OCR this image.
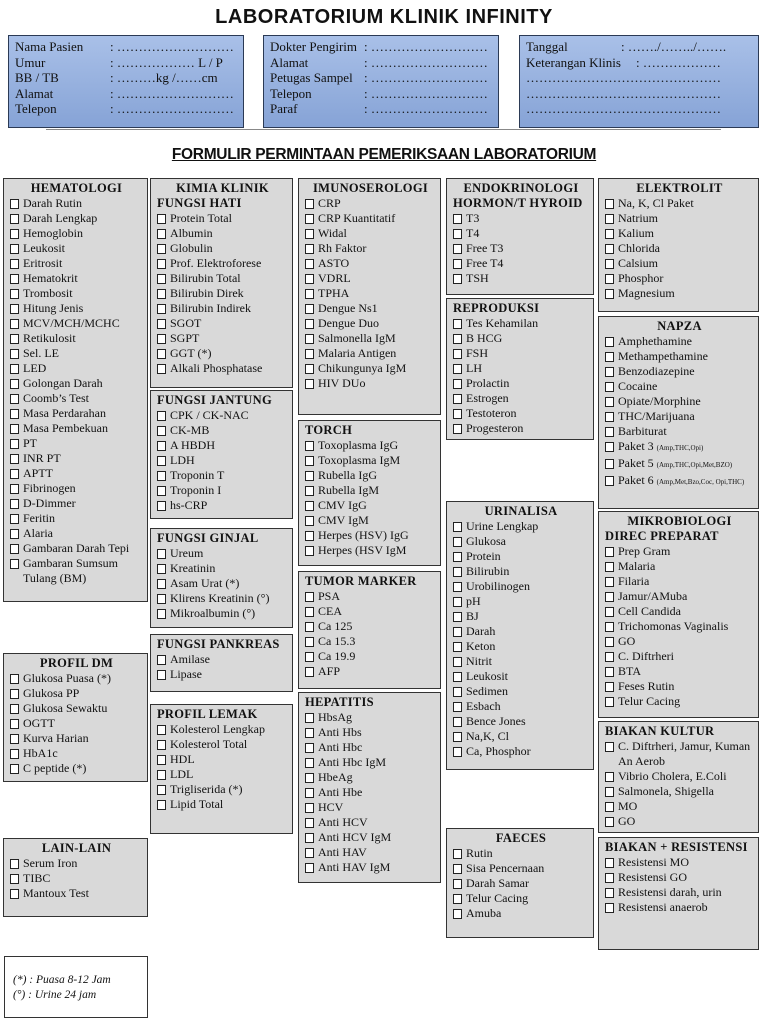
LABORATORIUM KLINIK INFINITY
Nama Pasien	: ………………………
Umur	: ……………… L / P
BB / TB	: ………kg /……cm
Alamat	: ………………………
Telepon	: ………………………
Dokter Pengirim : ………………………
Alamat	: ………………………
Petugas Sampel : ………………………
Telepon	: ………………………
Paraf	: ………………………
Tanggal	: ……./……../…….
Keterangan Klinis	: ………………
………………………………………
………………………………………
………………………………………
FORMULIR PERMINTAAN PEMERIKSAAN LABORATORIUM
HEMATOLOGI
Darah Rutin
Darah Lengkap
Hemoglobin
Leukosit
Eritrosit
Hematokrit
Trombosit
Hitung Jenis
MCV/MCH/MCHC
Retikulosit
Sel. LE
LED
Golongan Darah
Coomb’s Test
Masa Perdarahan
Masa Pembekuan
PT
INR PT
APTT
Fibrinogen
D-Dimmer
Feritin
Alaria
Gambaran Darah Tepi
Gambaran Sumsum Tulang (BM)
PROFIL DM
Glukosa Puasa (*)
Glukosa PP
Glukosa Sewaktu
OGTT
Kurva Harian
HbA1c
C peptide (*)
LAIN-LAIN
Serum Iron
TIBC
Mantoux Test
KIMIA KLINIK
FUNGSI HATI
Protein Total
Albumin
Globulin
Prof. Elektroforese
Bilirubin Total
Bilirubin Direk
Bilirubin Indirek
SGOT
SGPT
GGT (*)
Alkali Phosphatase
FUNGSI JANTUNG
CPK / CK-NAC
CK-MB
A HBDH
LDH
Troponin T
Troponin I
hs-CRP
FUNGSI GINJAL
Ureum
Kreatinin
Asam Urat (*)
Klirens Kreatinin (°)
Mikroalbumin (°)
FUNGSI PANKREAS
Amilase
Lipase
PROFIL LEMAK
Kolesterol Lengkap
Kolesterol Total
HDL
LDL
Trigliserida (*)
Lipid Total
IMUNOSEROLOGI
CRP
CRP Kuantitatif
Widal
Rh Faktor
ASTO
VDRL
TPHA
Dengue Ns1
Dengue Duo
Salmonella IgM
Malaria Antigen
Chikungunya IgM
HIV DUo
TORCH
Toxoplasma IgG
Toxoplasma IgM
Rubella IgG
Rubella IgM
CMV IgG
CMV IgM
Herpes (HSV) IgG
Herpes (HSV IgM
TUMOR MARKER
PSA
CEA
Ca 125
Ca 15.3
Ca 19.9
AFP
HEPATITIS
HbsAg
Anti Hbs
Anti Hbc
Anti Hbc IgM
HbeAg
Anti Hbe
HCV
Anti HCV
Anti HCV IgM
Anti HAV
Anti HAV IgM
ENDOKRINOLOGI
HORMON/T HYROID
T3
T4
Free T3
Free T4
TSH
REPRODUKSI
Tes Kehamilan
B HCG
FSH
LH
Prolactin
Estrogen
Testoteron
Progesteron
URINALISA
Urine Lengkap
Glukosa
Protein
Bilirubin
Urobilinogen
pH
BJ
Darah
Keton
Nitrit
Leukosit
Sedimen
Esbach
Bence Jones
Na,K, Cl
Ca, Phosphor
FAECES
Rutin
Sisa Pencernaan
Darah Samar
Telur Cacing
Amuba
ELEKTROLIT
Na, K, Cl Paket
Natrium
Kalium
Chlorida
Calsium
Phosphor
Magnesium
NAPZA
Amphethamine
Methampethamine
Benzodiazepine
Cocaine
Opiate/Morphine
THC/Marijuana
Barbiturat
Paket 3 (Amp,THC,Opi)
Paket 5 (Amp,THC,Opi,Met,BZO)
Paket 6 (Amp,Met,Bzo,Coc, Opi,THC)
MIKROBIOLOGI
DIREC PREPARAT
Prep Gram
Malaria
Filaria
Jamur/AMuba
Cell Candida
Trichomonas Vaginalis
GO
C. Diftrheri
BTA
Feses Rutin
Telur Cacing
BIAKAN KULTUR
C. Diftrheri, Jamur, Kuman An Aerob
Vibrio Cholera, E.Coli
Salmonela, Shigella
MO
GO
BIAKAN + RESISTENSI
Resistensi MO
Resistensi GO
Resistensi darah, urin
Resistensi anaerob
(*) : Puasa 8-12 Jam
(°) : Urine 24 jam
